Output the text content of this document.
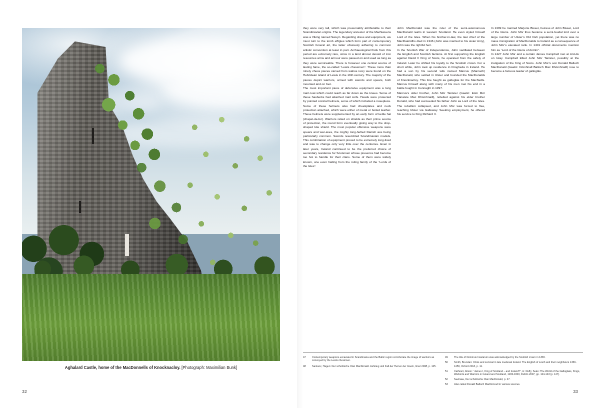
Aghalard Castle, home of the MacDonnells of Knocknacloy. [Photograph: Maximilian Bunk]
32

they were very tall, which was presumably attributable to their Scandinavian origins. The legendary ancestor of the MacSweens was a Viking named Sweyn. Regarding dress and equipment, we must turn to the tomb effigies which form part of contemporary Scottish funeral art, the latter obviously adhering to common artistic convention at least in part. Archaeological finds from this period are extremely rare, since in a land almost devoid of iron resources arms and armour were passed on and used as long as they were serviceable. There is however one central source of lasting fame, the so-called “Lewis chessmen”. These more than ninety chess pieces carved from walrus ivory were found on the Hebridean island of Lewis in the 19th century. The majority of the pieces depict warriors, armed with swords and spears, both mounted and on foot.

The most important piece of defensive equipment was a long mail coat which could reach as far down as the knees. Some of these hauberks had attached mail coifs. Heads were protected by pointed conical helmets, some of which included a noseplece. Some of these helmets also had cheekplates and neck protection attached, which were either of metal or boiled leather. These helmets were supplemented by an early form of kettle hat (chapel-de-fer). Warriors relied on shields as their prime source of protection, the round form eventually giving way to the drop-shaped kite shield. The most popular offensive weapons were spears and war-axes, the mighty long-hefted Danish axe being particularly common. Swords resembled Scandinavian models. This combination of equipment proved to be extremely long-lived and was to change only very little over the centuries. Even in later years, Ireland continued to be the preferred choice of secondary residence for Scotsmen whose presence had become too hot to handle for their clans. Some of them were widely known, one even hailing from the ruling family of the “Lords of the Isles”.

John MacDonald was the ruler of the semi-autonomous MacDonald realm in western Scotland. He even styled himself Lord of the Isles. When his brother-in-law, the last chief of the MacRuairidhs died in 1346 (John was married to his sister Amy), John was the rightful heir.

In the Scottish War of Independence, John vacillated between the English and Scottish factions. At first supporting the English against David II King of Scots, he operated from the safety of Ireland. Later he shifted his loyalty to the Scottish crown. For a short while, John took up residence in Drogheda in Ireland. He had a son by his second wife named Marcus (Marcach) MacDonald, who settled in Ulster and founded the MacDonalds of Knocknacloy. This line fought as galloglás for the MacNeills. Marcus himself along with many of his men met his end in a battle fought in Connaght in 1397.

Marcus’s older brother, John Mór Tanister (Gaelic: Eóin Mór Tánaiste Mac Dhómhnaill), rebelled against his elder brother Donald, who had succeeded his father John as Lord of the Isles. The rebellion collapsed, and John Mór was forced to flee, reaching Ulster via Galloway. Seeking employment, he offered his service to King Richard II.

In 1399 he married Marjorie Bisset, heiress of John Bisset, Lord of the Glens. John Mór thus became a semi-feudal lord over a large number of Ulster’s Old Irish population, yet there was no mass immigration of MacDonalds to Ireland as a consequence of John Mór’s elevated rank. In 1401 official documents mention him as “Lord of the Glens of Antrim”.

In 1427 John Mór and a certain James Campbell met at Ard-du on Islay. Campbell killed John Mór Tanister, possibly at the instigation of the King of Scots. John Mór’s son Donald Balloch MacDonald (Gaelic: Dómhnall Balloch Mac Dhómhnaill) rose to become a famous leader of galloglás.

47	Contemporary weapons excavated in Scandinavia and the Baltic region corroborate the image of warriors as conveyed by the Lewis chessmen.
48	Santuox, Hagen: Der schottische Clan MacDonald. Aufstieg und Fall der Herren der Inseln, Graz 2008, p. 125.
49	The title of Dominus Insularum was acknowledged by the Scottish crown in 1336.
50	Smith, Brendan: Crisis and survival in late medieval Ireland. The English of Louth and their neighbours 1330-1450, Oxford 2013, p. 11.
51	Cathcart, Alison: “James I, King of Scotland – and Ireland?”, in: Duffy, Seán: The World of the Galloglass, Kings, Warlords and Warriors in Ireland and Scotland, 1200-1600, Dublin 2007, pp. 124-143 (p. 127).
52	Seehase, Der schottische Clan MacDonald, p. 27.
53	Also called Donald Balloch MacDonnell in various sources.
33
